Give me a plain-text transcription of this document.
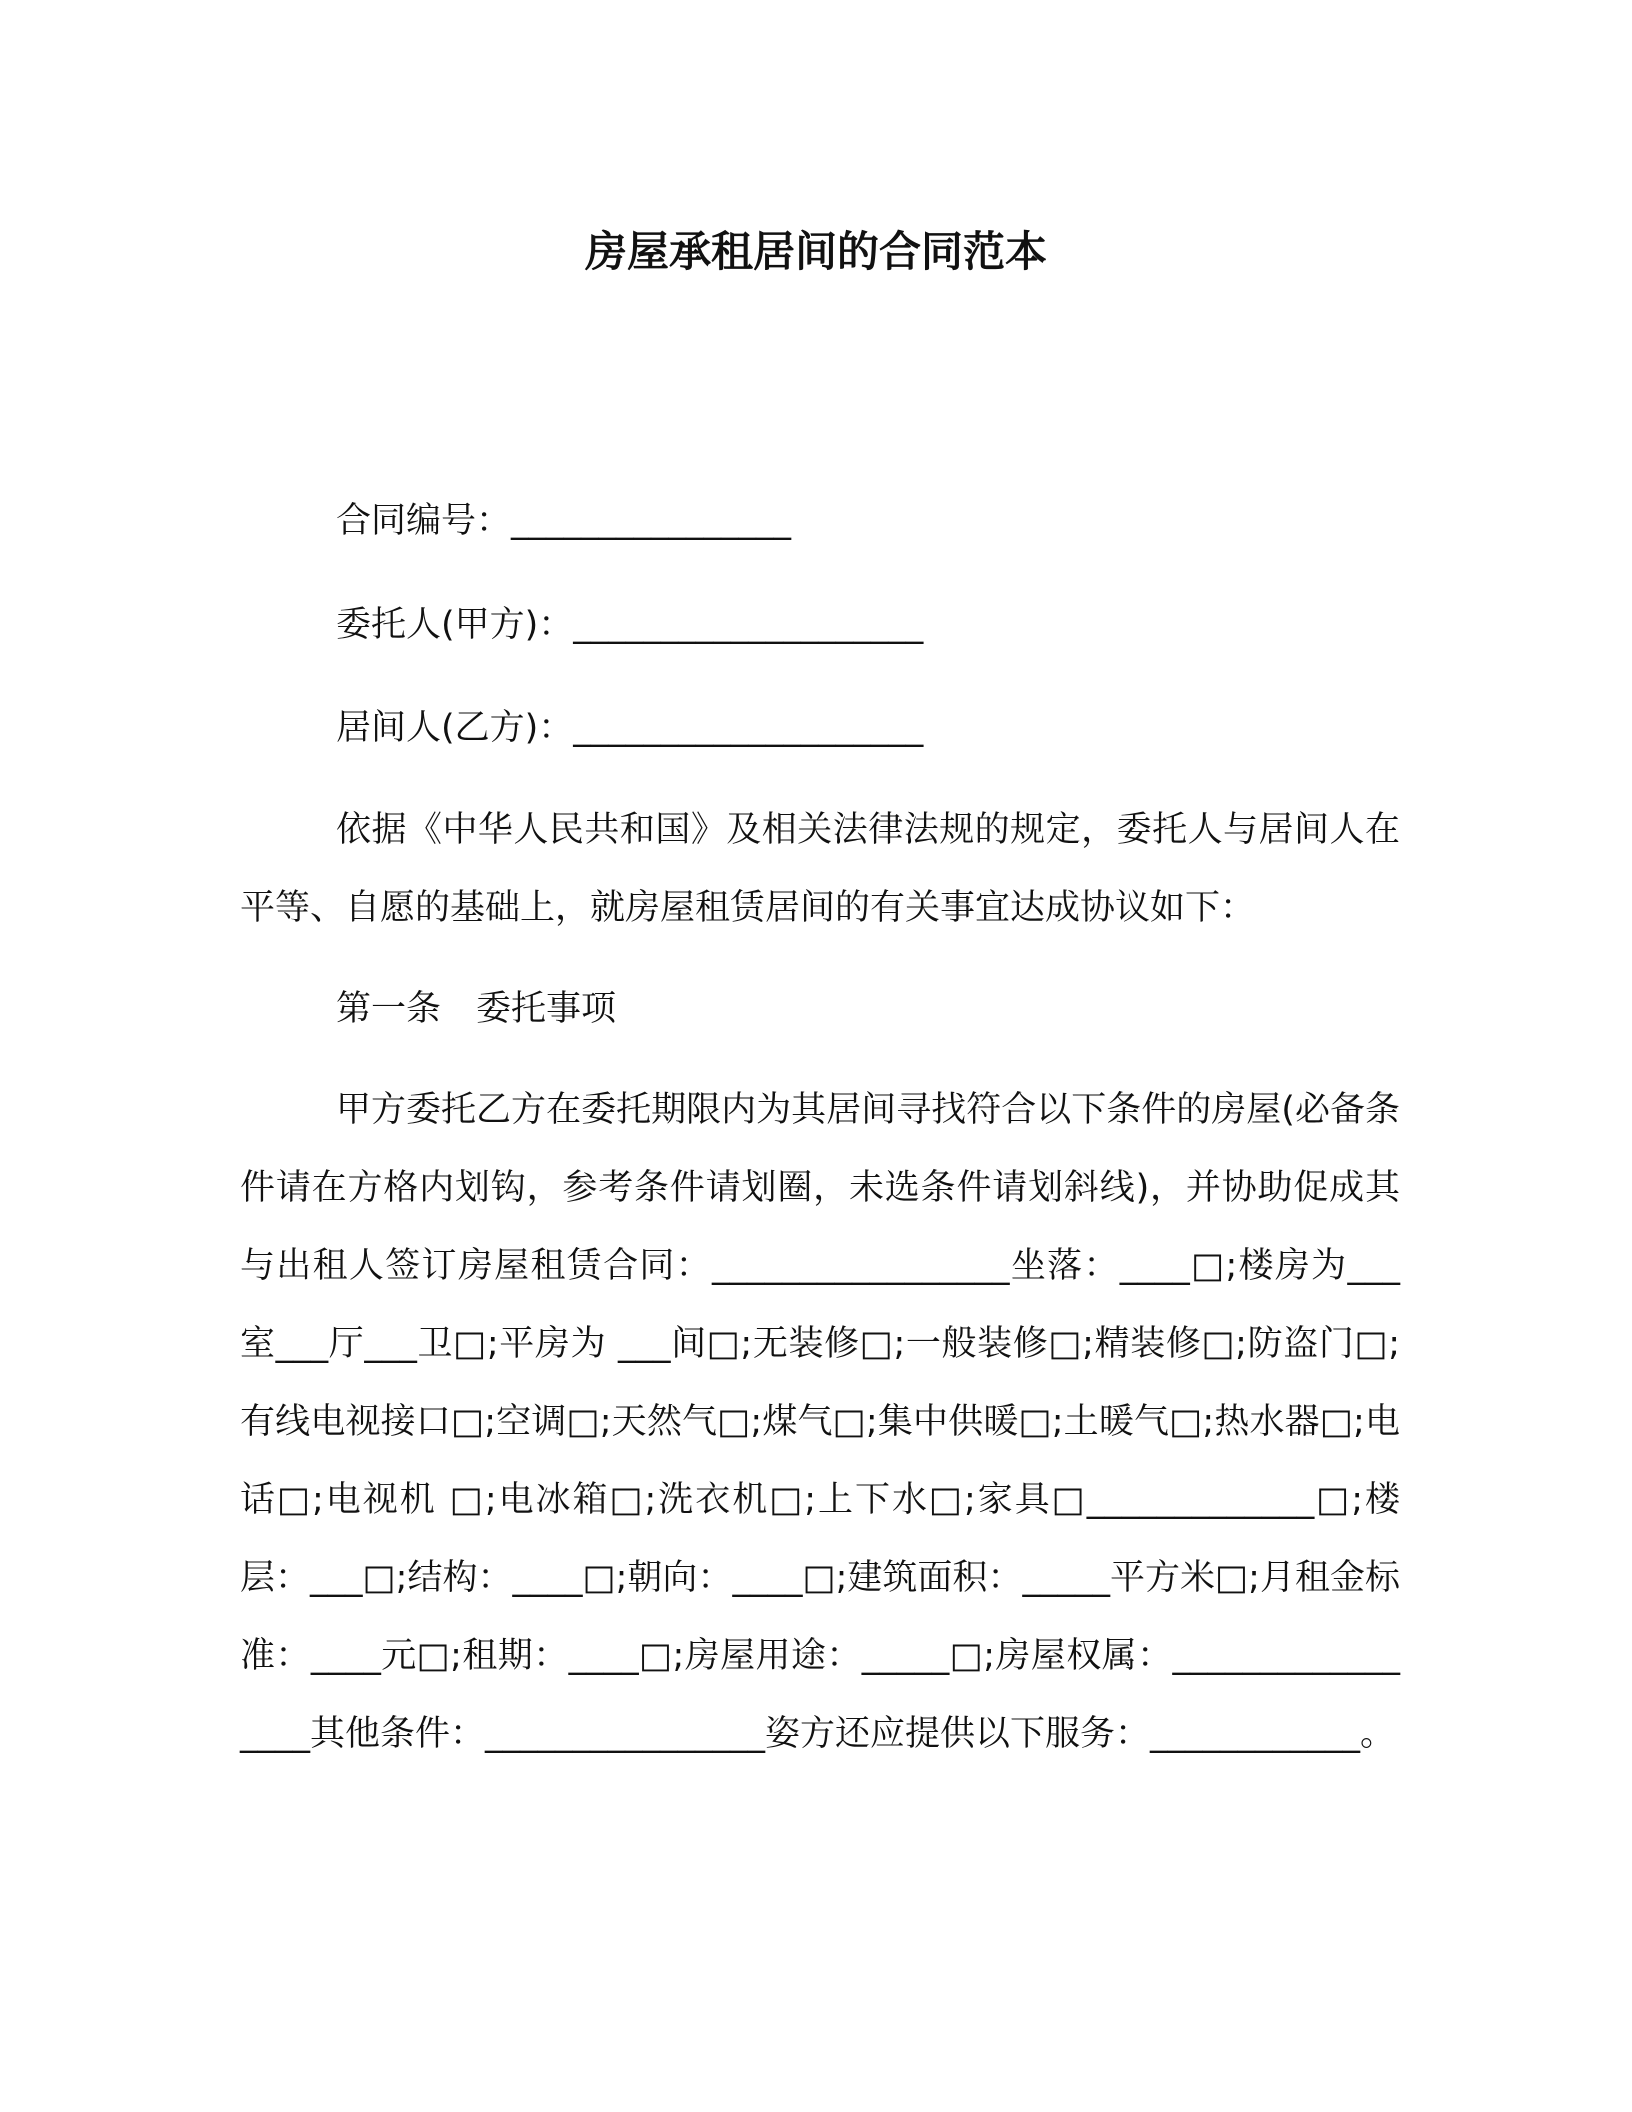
房屋承租居间的合同范本
合同编号：________________
委托人(甲方)：____________________
居间人(乙方)：____________________
依据《中华人民共和国》及相关法律法规的规定，委托人与居间人在平等、自愿的基础上，就房屋租赁居间的有关事宜达成协议如下：
第一条　委托事项
甲方委托乙方在委托期限内为其居间寻找符合以下条件的房屋(必备条件请在方格内划钩，参考条件请划圈，未选条件请划斜线)，并协助促成其与出租人签订房屋租赁合同：_________________坐落：____□;楼房为___室___厅___卫□;平房为 ___间□;无装修□;一般装修□;精装修□;防盗门□;有线电视接口□;空调□;天然气□;煤气□;集中供暖□;土暖气□;热水器□;电话□;电视机 □;电冰箱□;洗衣机□;上下水□;家具□_____________□;楼层：___□;结构：____□;朝向：____□;建筑面积：_____平方米□;月租金标准：____元□;租期：____□;房屋用途：_____□;房屋权属：_________________其他条件：________________姿方还应提供以下服务：____________。
